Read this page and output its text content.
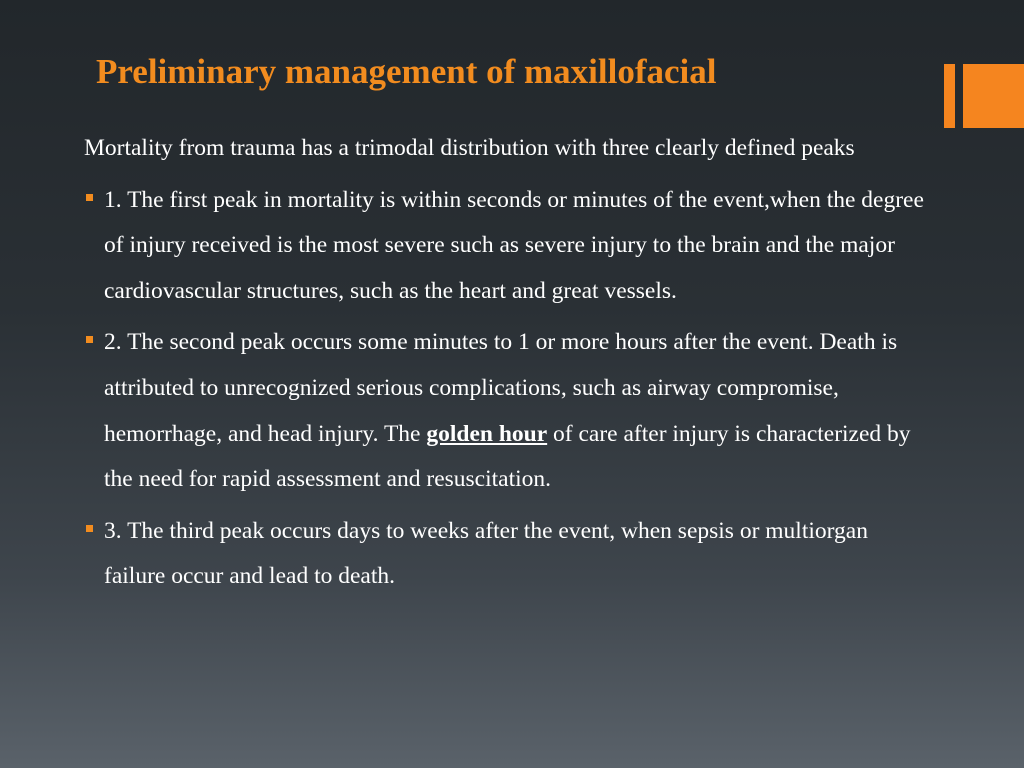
Preliminary management of maxillofacial

Mortality from trauma has a trimodal distribution with three clearly defined peaks

1. The first peak in mortality is within seconds or minutes of the event,when the degree of injury received is the most severe such as severe injury to the brain and the major cardiovascular structures, such as the heart and great vessels.
2. The second peak occurs some minutes to 1 or more hours after the event. Death is attributed to unrecognized serious complications, such as airway compromise, hemorrhage, and head injury. The golden hour of care after injury is characterized by the need for rapid assessment and resuscitation.
3. The third peak occurs days to weeks after the event, when sepsis or multiorgan failure occur and lead to death.
